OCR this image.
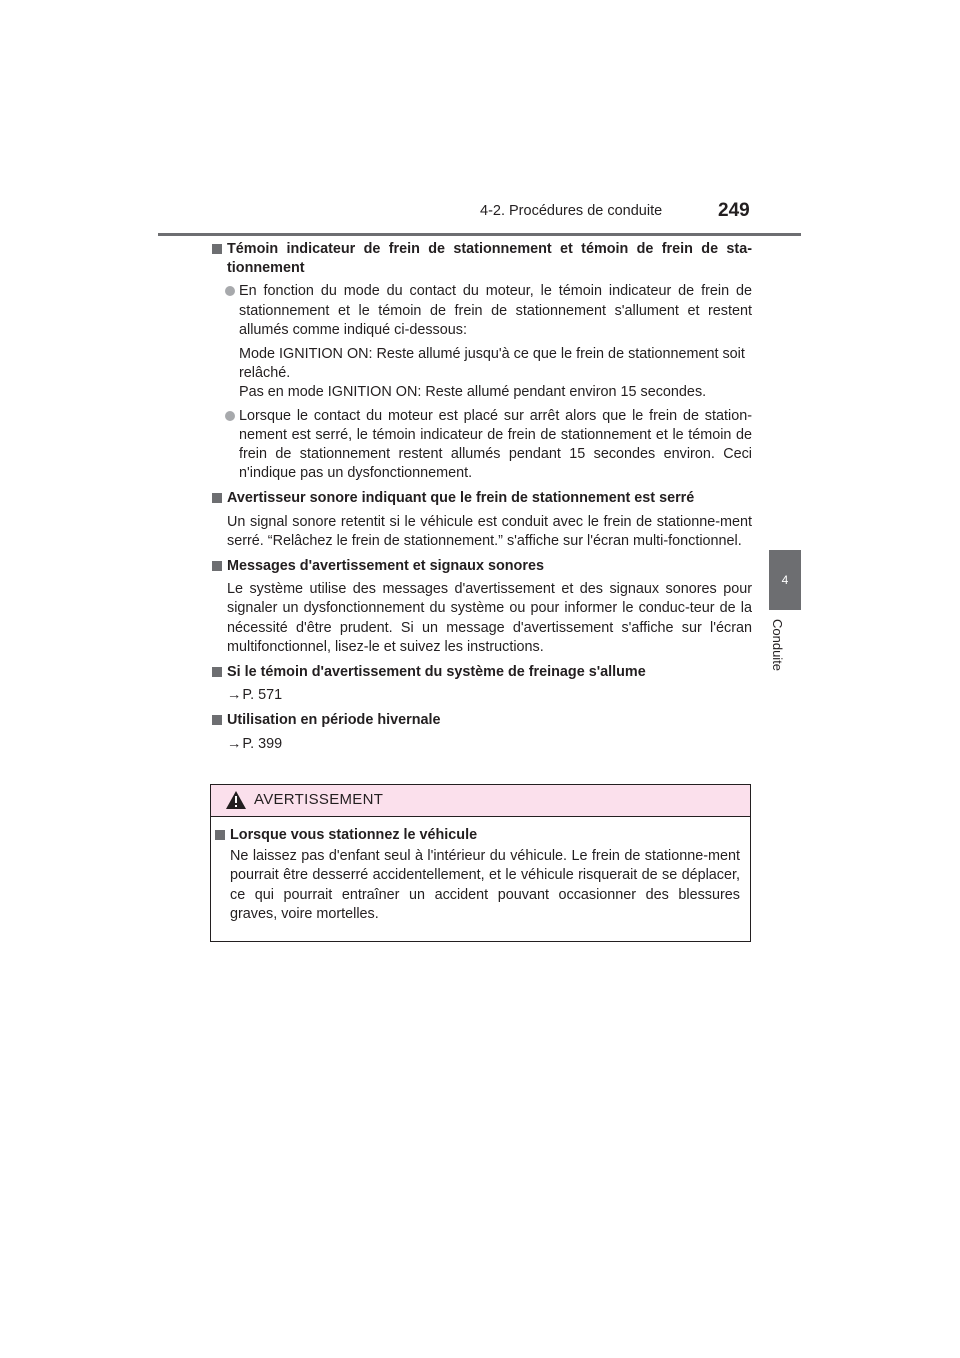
4-2. Procédures de conduite	249
4
Conduite
Témoin indicateur de frein de stationnement et témoin de frein de sta-tionnement
En fonction du mode du contact du moteur, le témoin indicateur de frein de stationnement et le témoin de frein de stationnement s'allument et restent allumés comme indiqué ci-dessous:
Mode IGNITION ON: Reste allumé jusqu'à ce que le frein de stationnement soit relâché.
Pas en mode IGNITION ON: Reste allumé pendant environ 15 secondes.
Lorsque le contact du moteur est placé sur arrêt alors que le frein de station-nement est serré, le témoin indicateur de frein de stationnement et le témoin de frein de stationnement restent allumés pendant 15 secondes environ. Ceci n'indique pas un dysfonctionnement.
Avertisseur sonore indiquant que le frein de stationnement est serré
Un signal sonore retentit si le véhicule est conduit avec le frein de stationne-ment serré. “Relâchez le frein de stationnement.” s'affiche sur l'écran multi-fonctionnel.
Messages d'avertissement et signaux sonores
Le système utilise des messages d'avertissement et des signaux sonores pour signaler un dysfonctionnement du système ou pour informer le conduc-teur de la nécessité d'être prudent. Si un message d'avertissement s'affiche sur l'écran multifonctionnel, lisez-le et suivez les instructions.
Si le témoin d'avertissement du système de freinage s'allume
→P. 571
Utilisation en période hivernale
→P. 399
AVERTISSEMENT
Lorsque vous stationnez le véhicule
Ne laissez pas d'enfant seul à l'intérieur du véhicule. Le frein de stationne-ment pourrait être desserré accidentellement, et le véhicule risquerait de se déplacer, ce qui pourrait entraîner un accident pouvant occasionner des blessures graves, voire mortelles.
